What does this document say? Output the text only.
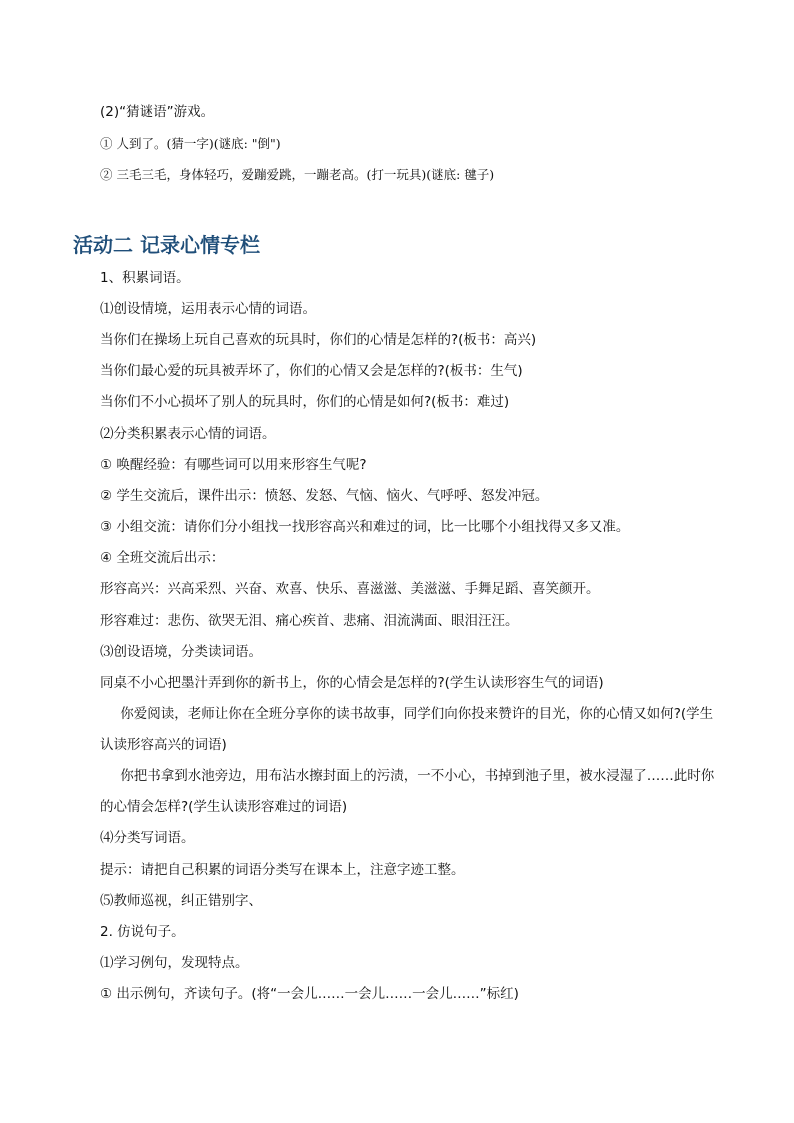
(2)“猜谜语”游戏。
① 人到了。(猜一字)(谜底: "倒")
② 三毛三毛，身体轻巧，爱蹦爱跳，一蹦老高。(打一玩具)(谜底: 毽子)
活动二 记录心情专栏
1、积累词语。
⑴创设情境，运用表示心情的词语。
当你们在操场上玩自己喜欢的玩具时，你们的心情是怎样的?(板书：高兴)
当你们最心爱的玩具被弄坏了，你们的心情又会是怎样的?(板书：生气)
当你们不小心损坏了别人的玩具时，你们的心情是如何?(板书：难过)
⑵分类积累表示心情的词语。
① 唤醒经验：有哪些词可以用来形容生气呢?
② 学生交流后，课件出示：愤怒、发怒、气恼、恼火、气呼呼、怒发冲冠。
③ 小组交流：请你们分小组找一找形容高兴和难过的词，比一比哪个小组找得又多又准。
④ 全班交流后出示：
形容高兴：兴高采烈、兴奋、欢喜、快乐、喜滋滋、美滋滋、手舞足蹈、喜笑颜开。
形容难过：悲伤、欲哭无泪、痛心疾首、悲痛、泪流满面、眼泪汪汪。
⑶创设语境，分类读词语。
同桌不小心把墨汁弄到你的新书上，你的心情会是怎样的?(学生认读形容生气的词语)
你爱阅读，老师让你在全班分享你的读书故事，同学们向你投来赞许的目光，你的心情又如何?(学生认读形容高兴的词语)
你把书拿到水池旁边，用布沾水擦封面上的污渍，一不小心，书掉到池子里，被水浸湿了……此时你的心情会怎样?(学生认读形容难过的词语)
⑷分类写词语。
提示：请把自己积累的词语分类写在课本上，注意字迹工整。
⑸教师巡视，纠正错别字、
2. 仿说句子。
⑴学习例句，发现特点。
① 出示例句，齐读句子。(将“一会儿……一会儿……一会儿……”标红)
